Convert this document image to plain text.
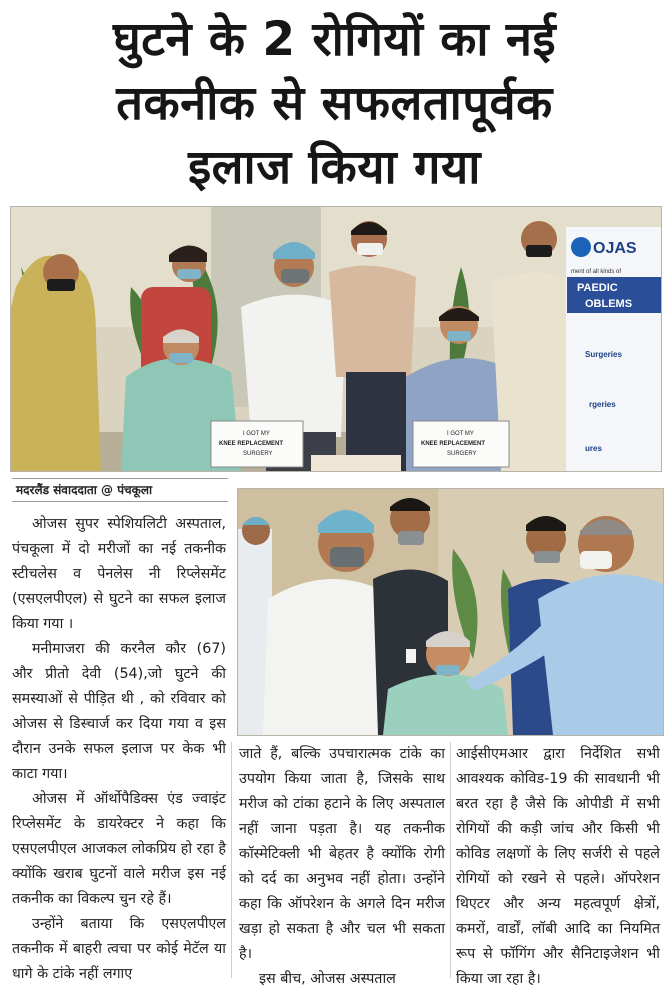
घुटने के 2 रोगियों का नई
तकनीक से सफलतापूर्वक
इलाज किया गया
OJAS
ment of all kinds of
PAEDIC
OBLEMS
Surgeries
rgeries
ures
I GOT MY
KNEE REPLACEMENT
SURGERY
I GOT MY
KNEE REPLACEMENT
SURGERY
मदरलैंड संवाददाता @ पंचकूला

ओजस सुपर स्पेशियलिटी अस्पताल, पंचकूला में दो मरीजों का नई तकनीक स्टीचलेस व पेनलेस नी रिप्लेसमेंट (एसएलपीएल) से घुटने का सफल इलाज किया गया ।

मनीमाजरा की करनैल कौर (67) और प्रीतो देवी (54),जो घुटने की समस्याओं से पीड़ित थी , को रविवार को ओजस से डिस्चार्ज कर दिया गया व इस दौरान उनके सफल इलाज पर केक भी काटा गया।

ओजस में ऑर्थोपैडिक्स एंड ज्वाइंट रिप्लेसमेंट के डायरेक्टर ने कहा कि एसएलपीएल आजकल लोकप्रिय हो रहा है क्योंकि खराब घुटनों वाले मरीज इस नई तकनीक का विकल्प चुन रहे हैं।

उन्होंने बताया कि एसएलपीएल तकनीक में बाहरी त्वचा पर कोई मेटॅल या धागे के टांके नहीं लगाए

जाते हैं, बल्कि उपचारात्मक टांके का उपयोग किया जाता है, जिसके साथ मरीज को टांका हटाने के लिए अस्पताल नहीं जाना पड़ता है। यह तकनीक कॉस्मेटिक्ली भी बेहतर है क्योंकि रोगी को दर्द का अनुभव नहीं होता। उन्होंने कहा कि ऑपरेशन के अगले दिन मरीज खड़ा हो सकता है और चल भी सकता है।

इस बीच, ओजस अस्पताल

आईसीएमआर द्वारा निर्देशित सभी आवश्यक कोविड-19 की सावधानी भी बरत रहा है जैसे कि ओपीडी में सभी रोगियों की कड़ी जांच और किसी भी कोविड लक्षणों के लिए सर्जरी से पहले रोगियों को रखने से पहले। ऑपरेशन थिएटर और अन्य महत्वपूर्ण क्षेत्रों, कमरों, वार्डों, लॉबी आदि का नियमित रूप से फॉगिंग और सैनिटाइजेशन भी किया जा रहा है।
